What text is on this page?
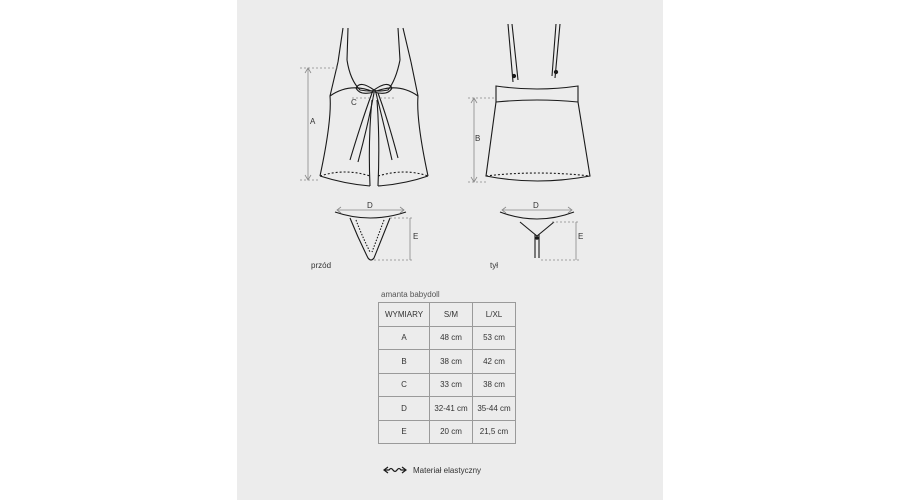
A
C
B
D
E
D
E
przód	tył
amanta babydoll
WYMIARY	S/M	L/XL
A	48 cm	53 cm
B	38 cm	42 cm
C	33 cm	38 cm
D	32-41 cm	35-44 cm
E	20 cm	21,5 cm
Materiał elastyczny
